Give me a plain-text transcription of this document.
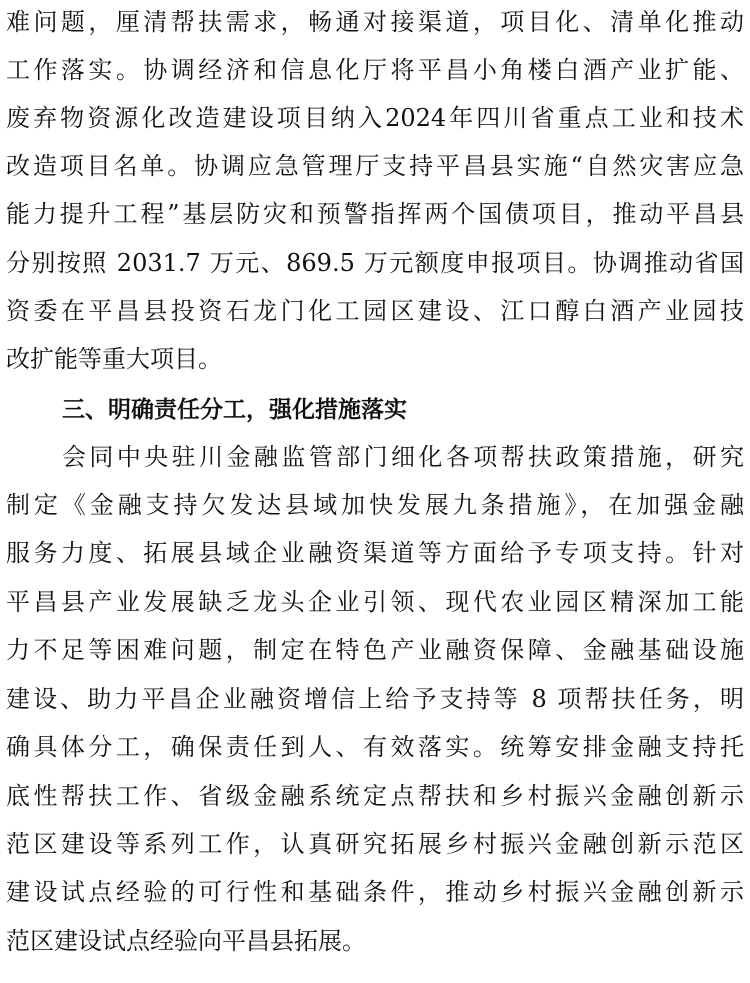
难问题，厘清帮扶需求，畅通对接渠道，项目化、清单化推动
工作落实。协调经济和信息化厅将平昌小角楼白酒产业扩能、
废弃物资源化改造建设项目纳入2024年四川省重点工业和技术
改造项目名单。协调应急管理厅支持平昌县实施“自然灾害应急
能力提升工程”基层防灾和预警指挥两个国债项目，推动平昌县
分别按照 2031.7 万元、869.5 万元额度申报项目。协调推动省国
资委在平昌县投资石龙门化工园区建设、江口醇白酒产业园技
改扩能等重大项目。
三、明确责任分工，强化措施落实
会同中央驻川金融监管部门细化各项帮扶政策措施，研究
制定《金融支持欠发达县域加快发展九条措施》，在加强金融
服务力度、拓展县域企业融资渠道等方面给予专项支持。针对
平昌县产业发展缺乏龙头企业引领、现代农业园区精深加工能
力不足等困难问题，制定在特色产业融资保障、金融基础设施
建设、助力平昌企业融资增信上给予支持等 8 项帮扶任务，明
确具体分工，确保责任到人、有效落实。统筹安排金融支持托
底性帮扶工作、省级金融系统定点帮扶和乡村振兴金融创新示
范区建设等系列工作，认真研究拓展乡村振兴金融创新示范区
建设试点经验的可行性和基础条件，推动乡村振兴金融创新示
范区建设试点经验向平昌县拓展。
